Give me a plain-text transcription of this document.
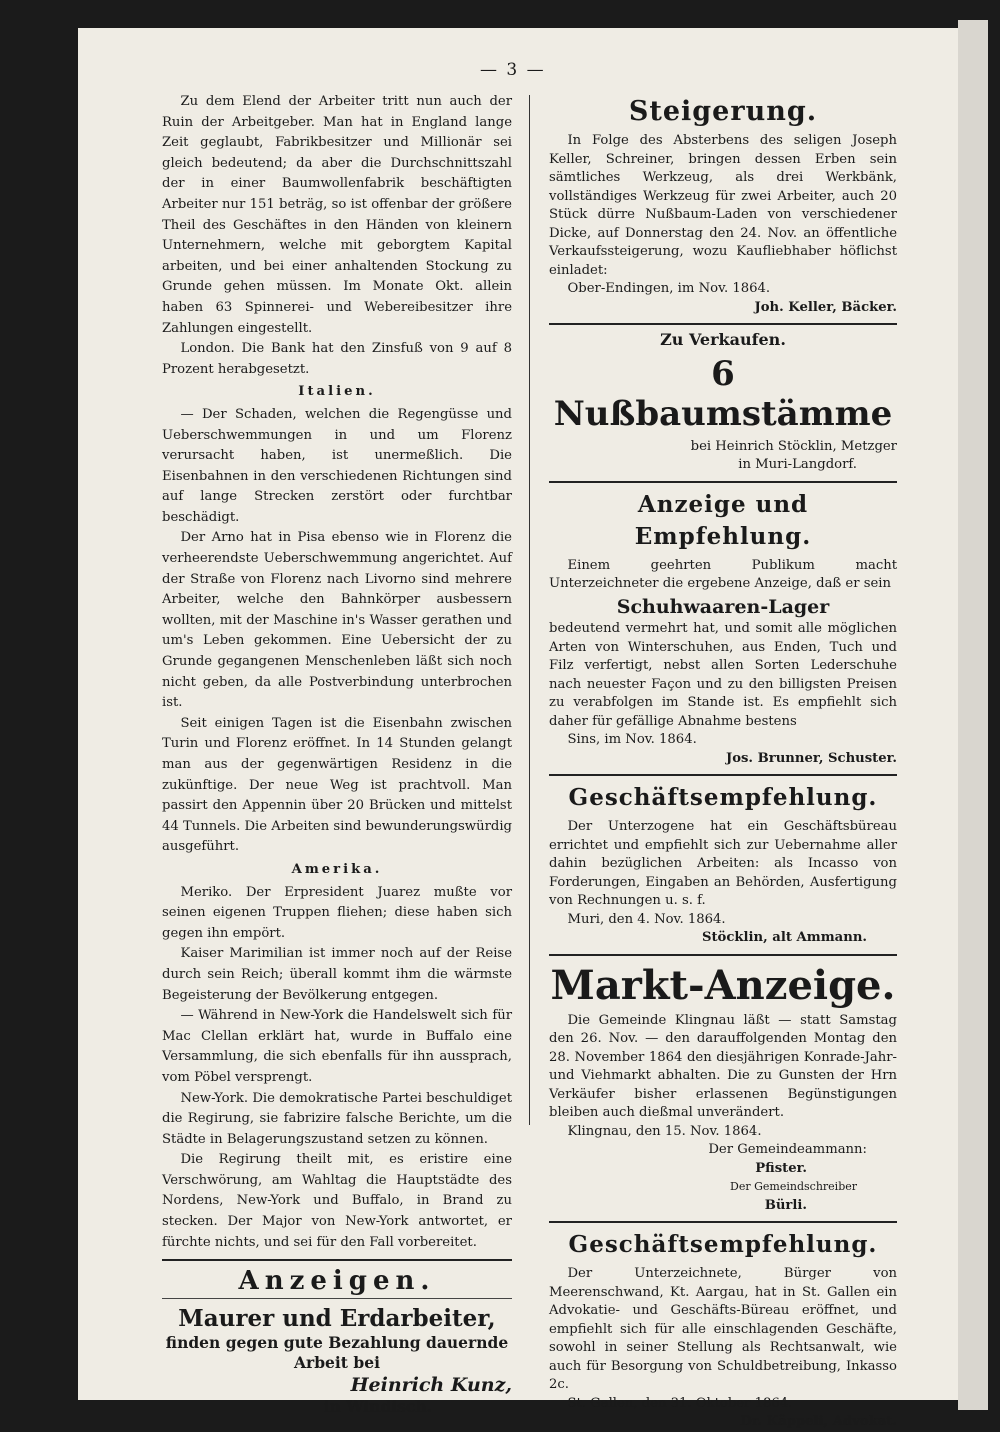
— 3 —

Zu dem Elend der Arbeiter tritt nun auch der Ruin der Arbeitgeber. Man hat in England lange Zeit geglaubt, Fabrikbesitzer und Millionär sei gleich bedeutend; da aber die Durchschnittszahl der in einer Baumwollenfabrik beschäftigten Arbeiter nur 151 beträg, so ist offenbar der größere Theil des Geschäftes in den Händen von kleinern Unternehmern, welche mit geborgtem Kapital arbeiten, und bei einer anhaltenden Stockung zu Grunde gehen müssen. Im Monate Okt. allein haben 63 Spinnerei- und Webereibesitzer ihre Zahlungen eingestellt.

London. Die Bank hat den Zinsfuß von 9 auf 8 Prozent herabgesetzt.

Italien.

— Der Schaden, welchen die Regengüsse und Ueberschwemmungen in und um Florenz verursacht haben, ist unermeßlich. Die Eisenbahnen in den verschiedenen Richtungen sind auf lange Strecken zerstört oder furchtbar beschädigt.

Der Arno hat in Pisa ebenso wie in Florenz die verheerendste Ueberschwemmung angerichtet. Auf der Straße von Florenz nach Livorno sind mehrere Arbeiter, welche den Bahnkörper ausbessern wollten, mit der Maschine in's Wasser gerathen und um's Leben gekommen. Eine Uebersicht der zu Grunde gegangenen Menschenleben läßt sich noch nicht geben, da alle Postverbindung unterbrochen ist.

Seit einigen Tagen ist die Eisenbahn zwischen Turin und Florenz eröffnet. In 14 Stunden gelangt man aus der gegenwärtigen Residenz in die zukünftige. Der neue Weg ist prachtvoll. Man passirt den Appennin über 20 Brücken und mittelst 44 Tunnels. Die Arbeiten sind bewunderungswürdig ausgeführt.

Amerika.

Meriko. Der Erpresident Juarez mußte vor seinen eigenen Truppen fliehen; diese haben sich gegen ihn empört.

Kaiser Marimilian ist immer noch auf der Reise durch sein Reich; überall kommt ihm die wärmste Begeisterung der Bevölkerung entgegen.

— Während in New-York die Handelswelt sich für Mac Clellan erklärt hat, wurde in Buffalo eine Versammlung, die sich ebenfalls für ihn aussprach, vom Pöbel versprengt.

New-York. Die demokratische Partei beschuldiget die Regirung, sie fabrizire falsche Berichte, um die Städte in Belagerungszustand setzen zu können.

Die Regirung theilt mit, es eristire eine Verschwörung, am Wahltag die Hauptstädte des Nordens, New-York und Buffalo, in Brand zu stecken. Der Major von New-York antwortet, er fürchte nichts, und sei für den Fall vorbereitet.

Anzeigen.
Maurer und Erdarbeiter,
finden gegen gute Bezahlung dauernde Arbeit bei
Heinrich Kunz,
in Windisch.
Steigerung.

In Folge des Absterbens des seligen Joseph Keller, Schreiner, bringen dessen Erben sein sämtliches Werkzeug, als drei Werkbänk, vollständiges Werkzeug für zwei Arbeiter, auch 20 Stück dürre Nußbaum-Laden von verschiedener Dicke, auf Donnerstag den 24. Nov. an öffentliche Verkaufssteigerung, wozu Kaufliebhaber höflichst einladet:

Ober-Endingen, im Nov. 1864.

Joh. Keller, Bäcker.
Zu Verkaufen.
6 Nußbaumstämme
bei Heinrich Stöcklin, Metzger
in Muri-Langdorf.
Anzeige und Empfehlung.

Einem geehrten Publikum macht Unterzeichneter die ergebene Anzeige, daß er sein

Schuhwaaren-Lager

bedeutend vermehrt hat, und somit alle möglichen Arten von Winterschuhen, aus Enden, Tuch und Filz verfertigt, nebst allen Sorten Lederschuhe nach neuester Façon und zu den billigsten Preisen zu verabfolgen im Stande ist. Es empfiehlt sich daher für gefällige Abnahme bestens

Sins, im Nov. 1864.

Jos. Brunner, Schuster.
Geschäftsempfehlung.

Der Unterzogene hat ein Geschäftsbüreau errichtet und empfiehlt sich zur Uebernahme aller dahin bezüglichen Arbeiten: als Incasso von Forderungen, Eingaben an Behörden, Ausfertigung von Rechnungen u. s. f.

Muri, den 4. Nov. 1864.

Stöcklin, alt Ammann.
Markt-Anzeige.

Die Gemeinde Klingnau läßt — statt Samstag den 26. Nov. — den darauffolgenden Montag den 28. November 1864 den diesjährigen Konrade-Jahr- und Viehmarkt abhalten. Die zu Gunsten der Hrn Verkäufer bisher erlassenen Begünstigungen bleiben auch dießmal unverändert.

Klingnau, den 15. Nov. 1864.

Der Gemeindeammann:
Pfister.
Der Gemeindschreiber
Bürli.
Geschäftsempfehlung.

Der Unterzeichnete, Bürger von Meerenschwand, Kt. Aargau, hat in St. Gallen ein Advokatie- und Geschäfts-Büreau eröffnet, und empfiehlt sich für alle einschlagenden Geschäfte, sowohl in seiner Stellung als Rechtsanwalt, wie auch für Besorgung von Schuldbetreibung, Inkasso 2c.

St. Gallen, den 31. Oktober 1864.

Dr. Käppeli, Advokat.
